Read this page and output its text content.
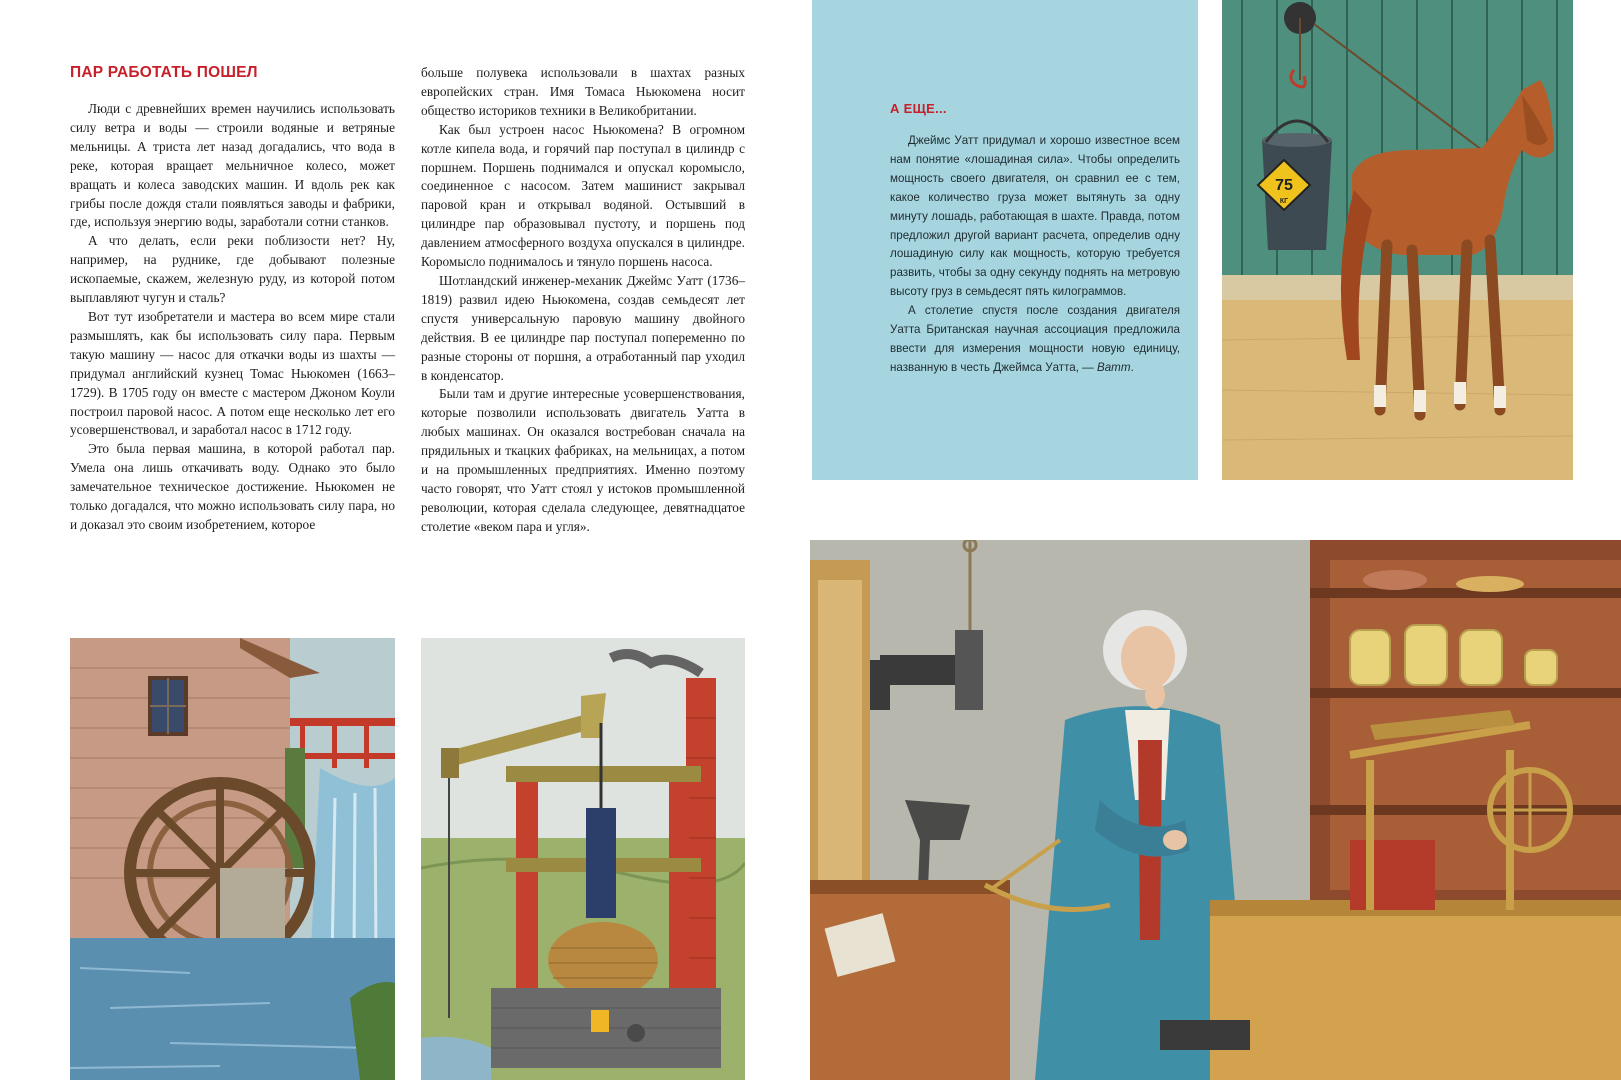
ПАР РАБОТАТЬ ПОШЕЛ

Люди с древнейших времен научились использовать силу ветра и воды — строили водяные и ветряные мельницы. А триста лет назад догадались, что вода в реке, которая вращает мельничное колесо, может вращать и колеса заводских машин. И вдоль рек как грибы после дождя стали появляться заводы и фабрики, где, используя энергию воды, заработали сотни станков.

А что делать, если реки поблизости нет? Ну, например, на руднике, где добывают полезные ископаемые, скажем, железную руду, из которой потом выплавляют чугун и сталь?

Вот тут изобретатели и мастера во всем мире стали размышлять, как бы использовать силу пара. Первым такую машину — насос для откачки воды из шахты — придумал английский кузнец Томас Ньюкомен (1663–1729). В 1705 году он вместе с мастером Джоном Коули построил паровой насос. А потом еще несколько лет его усовершенствовал, и заработал насос в 1712 году.

Это была первая машина, в которой работал пар. Умела она лишь откачивать воду. Однако это было замечательное техническое достижение. Ньюкомен не только догадался, что можно использовать силу пара, но и доказал это своим изобретением, которое

больше полувека использовали в шахтах разных европейских стран. Имя Томаса Ньюкомена носит общество историков техники в Великобритании.

Как был устроен насос Ньюкомена? В огромном котле кипела вода, и горячий пар поступал в цилиндр с поршнем. Поршень поднимался и опускал коромысло, соединенное с насосом. Затем машинист закрывал паровой кран и открывал водяной. Остывший в цилиндре пар образовывал пустоту, и поршень под давлением атмосферного воздуха опускался в цилиндре. Коромысло поднималось и тянуло поршень насоса.

Шотландский инженер-механик Джеймс Уатт (1736–1819) развил идею Ньюкомена, создав семьдесят лет спустя универсальную паровую машину двойного действия. В ее цилиндре пар поступал попеременно по разные стороны от поршня, а отработанный пар уходил в конденсатор.

Были там и другие интересные усовершенствования, которые позволили использовать двигатель Уатта в любых машинах. Он оказался востребован сначала на прядильных и ткацких фабриках, на мельницах, а потом и на промышленных предприятиях. Именно поэтому часто говорят, что Уатт стоял у истоков промышленной революции, которая сделала следующее, девятнадцатое столетие «веком пара и угля».

А ЕЩЕ...

Джеймс Уатт придумал и хорошо известное всем нам понятие «лошадиная сила». Чтобы определить мощность своего двигателя, он сравнил ее с тем, какое количество груза может вытянуть за одну минуту лошадь, работающая в шахте. Правда, потом предложил другой вариант расчета, определив одну лошадиную силу как мощность, которую требуется развить, чтобы за одну секунду поднять на метровую высоту груз в семьдесят пять килограммов.

А столетие спустя после создания двигателя Уатта Британская научная ассоциация предложила ввести для измерения мощности новую единицу, названную в честь Джеймса Уатта, — Ватт.

75
КГ
